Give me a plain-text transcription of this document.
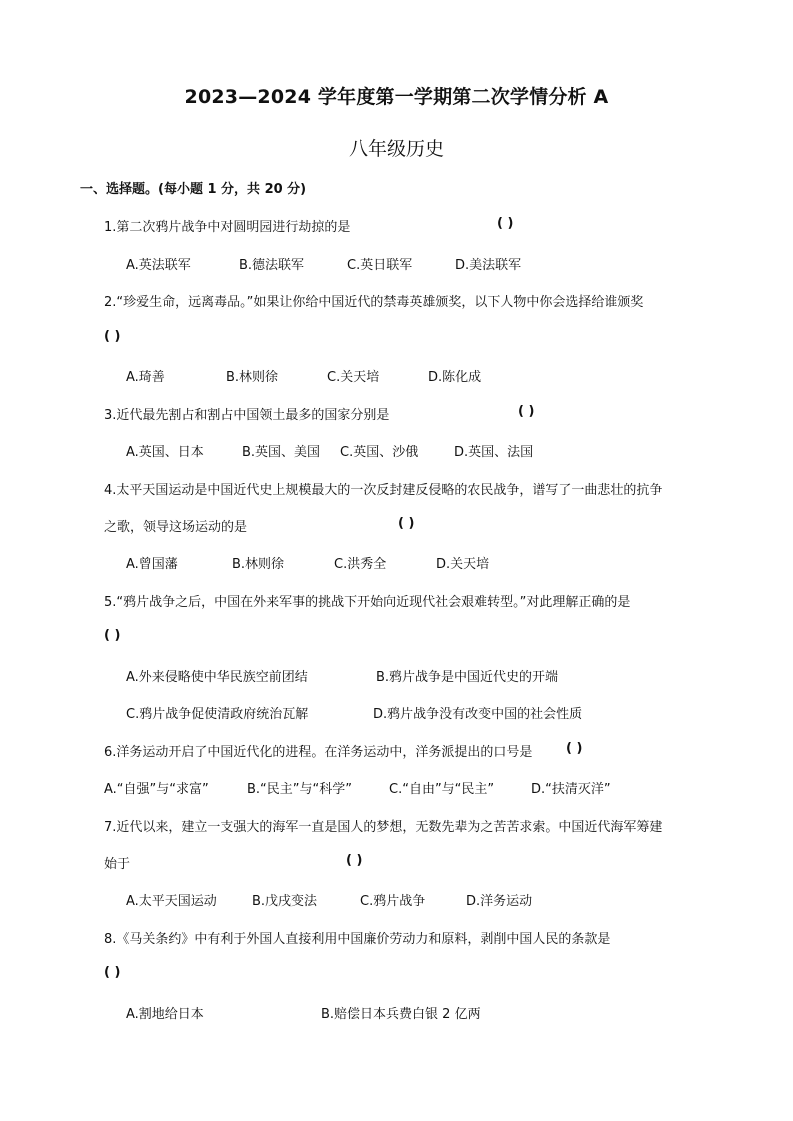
2023—2024 学年度第一学期第二次学情分析 A
八年级历史
一、选择题。(每小题 1 分，共 20 分)
1.第二次鸦片战争中对圆明园进行劫掠的是	( )
A.英法联军	B.德法联军	C.英日联军	D.美法联军
2.“珍爱生命，远离毒品。”如果让你给中国近代的禁毒英雄颁奖，以下人物中你会选择给谁颁奖
( )
A.琦善	B.林则徐	C.关天培	D.陈化成
3.近代最先割占和割占中国领土最多的国家分别是	( )
A.英国、日本	B.英国、美国 C.英国、沙俄	D.英国、法国
4.太平天国运动是中国近代史上规模最大的一次反封建反侵略的农民战争，谱写了一曲悲壮的抗争
之歌，领导这场运动的是	( )
A.曾国藩	B.林则徐	C.洪秀全	D.关天培
5.“鸦片战争之后，中国在外来军事的挑战下开始向近现代社会艰难转型。”对此理解正确的是
( )
A.外来侵略使中华民族空前团结	B.鸦片战争是中国近代史的开端
C.鸦片战争促使清政府统治瓦解	D.鸦片战争没有改变中国的社会性质
6.洋务运动开启了中国近代化的进程。在洋务运动中，洋务派提出的口号是	( )
A.“自强”与“求富”	B.“民主”与“科学”	C.“自由”与“民主”	D.“扶清灭洋”
7.近代以来，建立一支强大的海军一直是国人的梦想，无数先辈为之苦苦求索。中国近代海军筹建
始于	( )
A.太平天国运动	B.戊戌变法	C.鸦片战争	D.洋务运动
8.《马关条约》中有利于外国人直接利用中国廉价劳动力和原料，剥削中国人民的条款是
( )
A.割地给日本	B.赔偿日本兵费白银 2 亿两
